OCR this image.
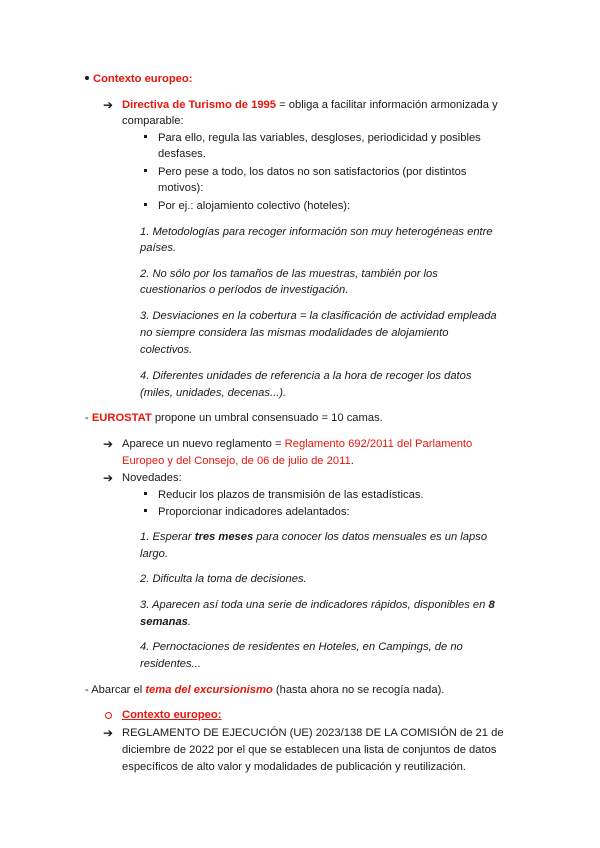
Contexto europeo:
➔ Directiva de Turismo de 1995 = obliga a facilitar información armonizada y
comparable:
Para ello, regula las variables, desgloses, periodicidad y posibles
desfases.
Pero pese a todo, los datos no son satisfactorios (por distintos
motivos):
Por ej.: alojamiento colectivo (hoteles):
1. Metodologías para recoger información son muy heterogéneas entre
países.
2. No sólo por los tamaños de las muestras, también por los
cuestionarios o períodos de investigación.
3. Desviaciones en la cobertura = la clasificación de actividad empleada
no siempre considera las mismas modalidades de alojamiento
colectivos.
4. Diferentes unidades de referencia a la hora de recoger los datos
(miles, unidades, decenas...).
- EUROSTAT propone un umbral consensuado = 10 camas.
➔ Aparece un nuevo reglamento = Reglamento 692/2011 del Parlamento
Europeo y del Consejo, de 06 de julio de 2011.
➔ Novedades:
Reducir los plazos de transmisión de las estadísticas.
Proporcionar indicadores adelantados:
1. Esperar tres meses para conocer los datos mensuales es un lapso
largo.
2. Dificulta la toma de decisiones.
3. Aparecen así toda una serie de indicadores rápidos, disponibles en 8
semanas.
4. Pernoctaciones de residentes en Hoteles, en Campings, de no
residentes...
- Abarcar el tema del excursionismo (hasta ahora no se recogía nada).
Contexto europeo:
➔ REGLAMENTO DE EJECUCIÓN (UE) 2023/138 DE LA COMISIÓN de 21 de
diciembre de 2022 por el que se establecen una lista de conjuntos de datos
específicos de alto valor y modalidades de publicación y reutilización.
